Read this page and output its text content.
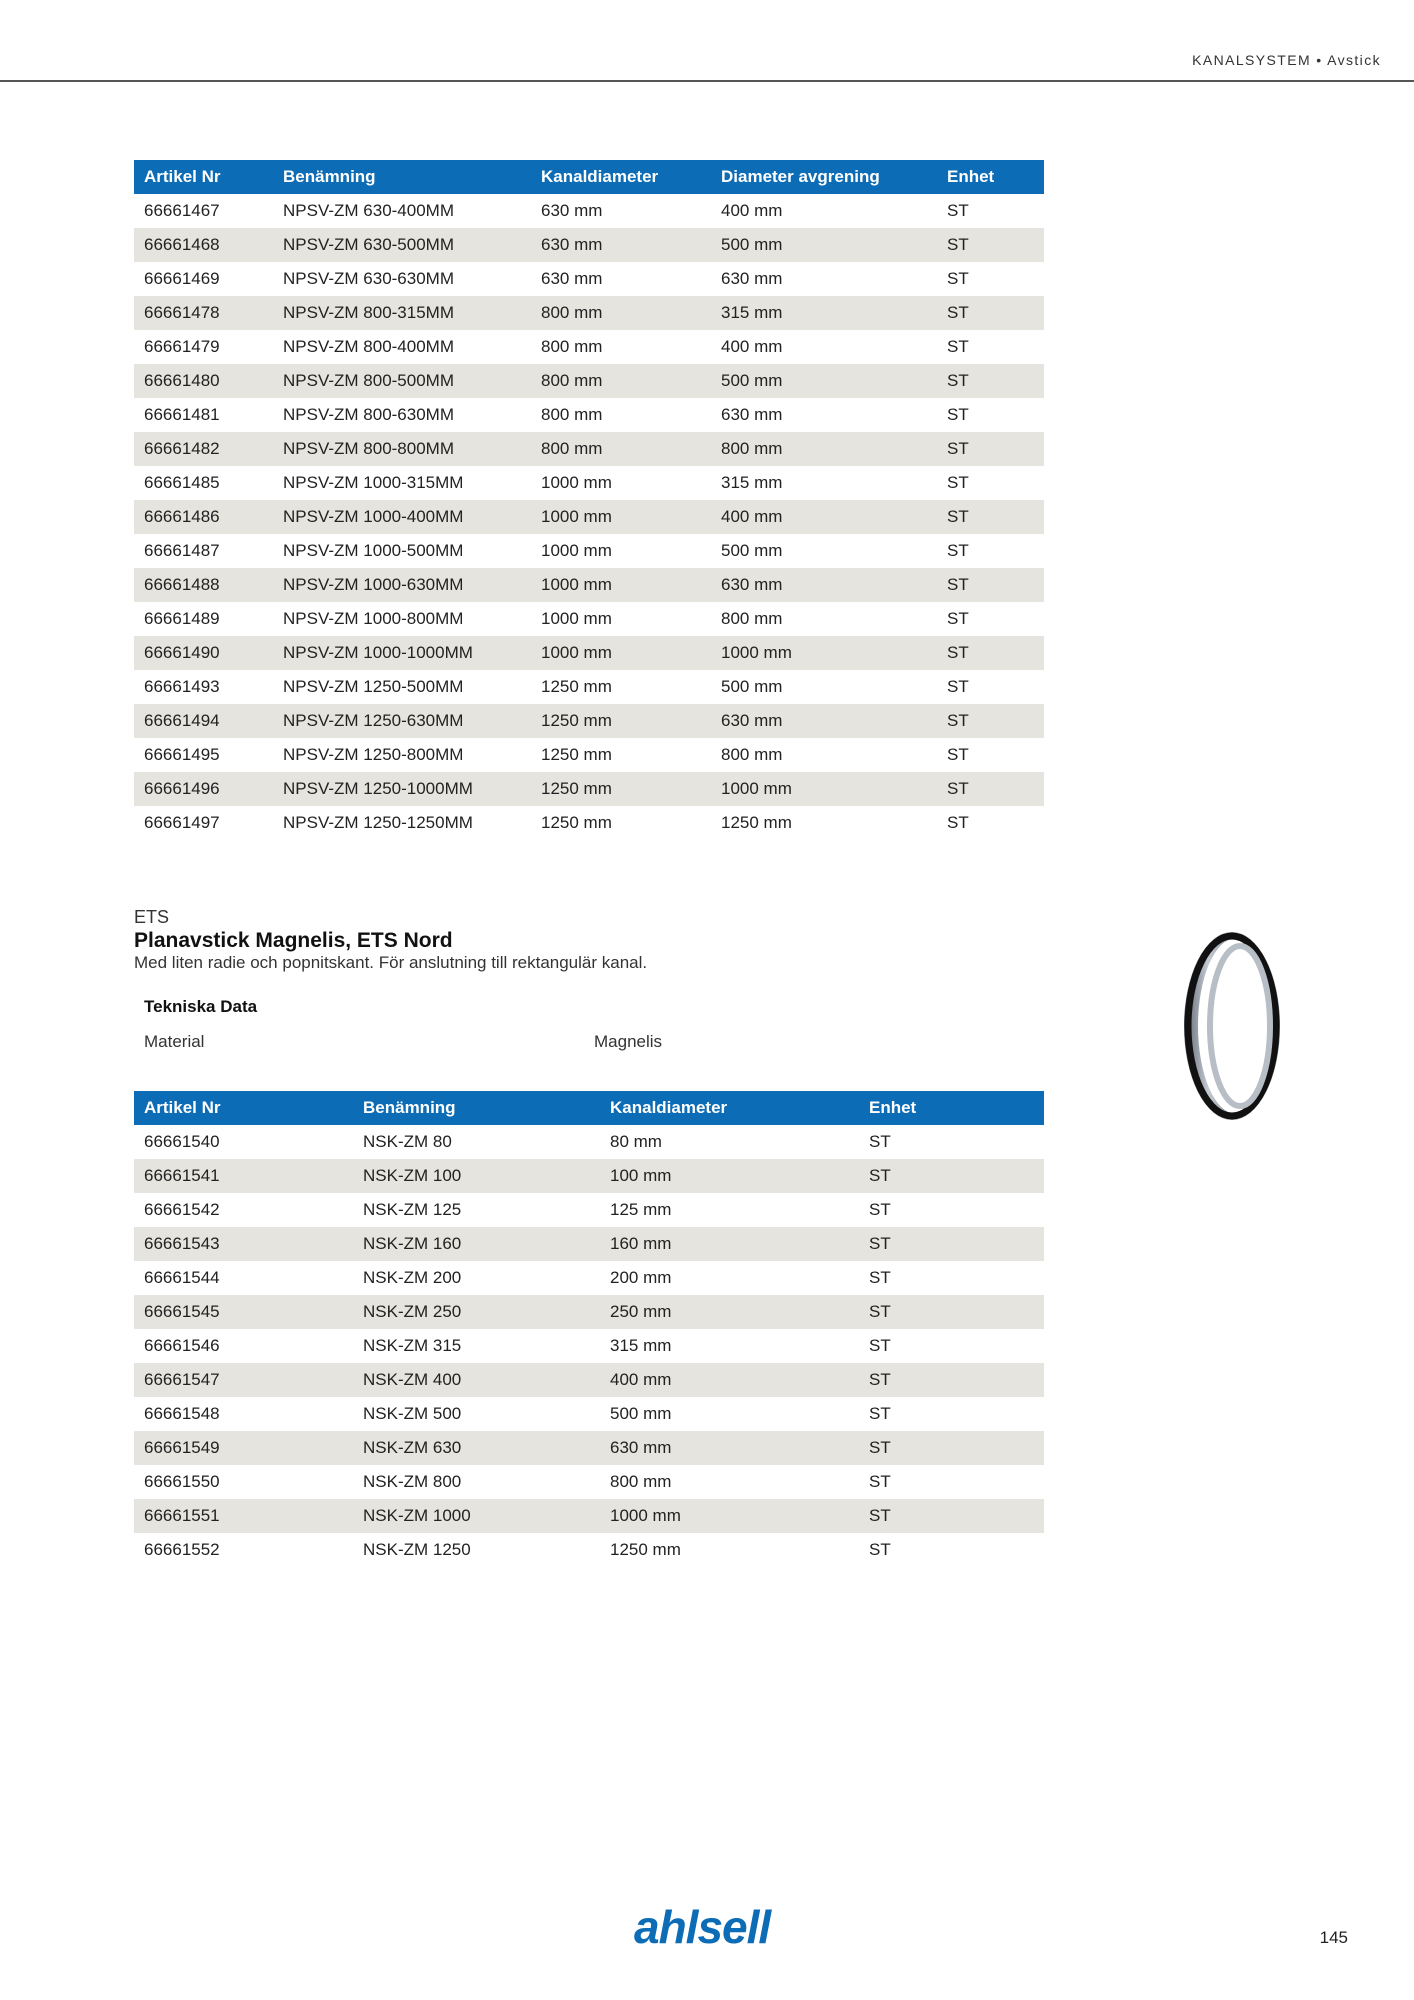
KANALSYSTEM • Avstick
Artikel Nr	Benämning	Kanaldiameter	Diameter avgrening	Enhet
66661467	NPSV-ZM 630-400MM	630 mm	400 mm	ST
66661468	NPSV-ZM 630-500MM	630 mm	500 mm	ST
66661469	NPSV-ZM 630-630MM	630 mm	630 mm	ST
66661478	NPSV-ZM 800-315MM	800 mm	315 mm	ST
66661479	NPSV-ZM 800-400MM	800 mm	400 mm	ST
66661480	NPSV-ZM 800-500MM	800 mm	500 mm	ST
66661481	NPSV-ZM 800-630MM	800 mm	630 mm	ST
66661482	NPSV-ZM 800-800MM	800 mm	800 mm	ST
66661485	NPSV-ZM 1000-315MM	1000 mm	315 mm	ST
66661486	NPSV-ZM 1000-400MM	1000 mm	400 mm	ST
66661487	NPSV-ZM 1000-500MM	1000 mm	500 mm	ST
66661488	NPSV-ZM 1000-630MM	1000 mm	630 mm	ST
66661489	NPSV-ZM 1000-800MM	1000 mm	800 mm	ST
66661490	NPSV-ZM 1000-1000MM	1000 mm	1000 mm	ST
66661493	NPSV-ZM 1250-500MM	1250 mm	500 mm	ST
66661494	NPSV-ZM 1250-630MM	1250 mm	630 mm	ST
66661495	NPSV-ZM 1250-800MM	1250 mm	800 mm	ST
66661496	NPSV-ZM 1250-1000MM	1250 mm	1000 mm	ST
66661497	NPSV-ZM 1250-1250MM	1250 mm	1250 mm	ST
ETS
Planavstick Magnelis, ETS Nord
Med liten radie och popnitskant. För anslutning till rektangulär kanal.
Tekniska Data
Material	Magnelis
Artikel Nr	Benämning	Kanaldiameter	Enhet
66661540	NSK-ZM 80	80 mm	ST
66661541	NSK-ZM 100	100 mm	ST
66661542	NSK-ZM 125	125 mm	ST
66661543	NSK-ZM 160	160 mm	ST
66661544	NSK-ZM 200	200 mm	ST
66661545	NSK-ZM 250	250 mm	ST
66661546	NSK-ZM 315	315 mm	ST
66661547	NSK-ZM 400	400 mm	ST
66661548	NSK-ZM 500	500 mm	ST
66661549	NSK-ZM 630	630 mm	ST
66661550	NSK-ZM 800	800 mm	ST
66661551	NSK-ZM 1000	1000 mm	ST
66661552	NSK-ZM 1250	1250 mm	ST
ahlsell	145
